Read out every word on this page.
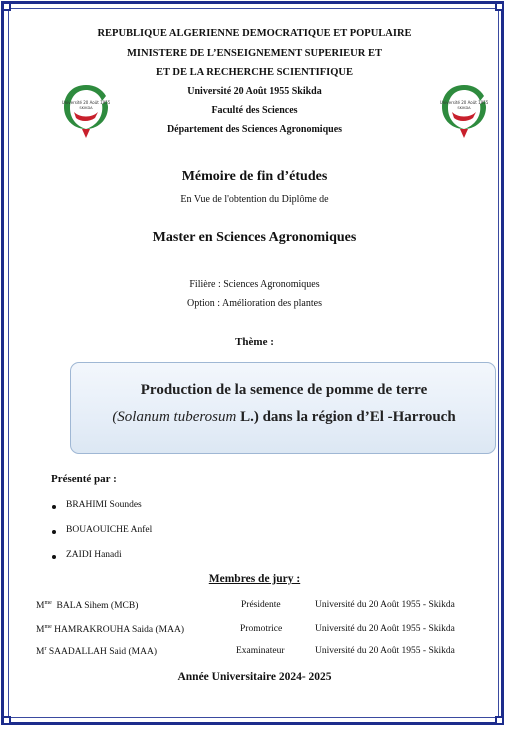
Université 20 Août 1955
SKIKDA
Université 20 Août 1955
SKIKDA
REPUBLIQUE ALGERIENNE DEMOCRATIQUE ET POPULAIRE
MINISTERE DE L’ENSEIGNEMENT SUPERIEUR ET
ET DE LA RECHERCHE SCIENTIFIQUE
Université 20 Août 1955 Skikda
Faculté des Sciences
Département des Sciences Agronomiques
Mémoire de fin d’études
En Vue de l'obtention du Diplôme de
Master en Sciences Agronomiques
Filière : Sciences Agronomiques
Option : Amélioration des plantes
Thème :
Production de la semence de pomme de terre
(Solanum tuberosum L.) dans la région d’El -Harrouch
Présenté par :
BRAHIMI Soundes
BOUAOUICHE Anfel
ZAIDI Hanadi
Membres de jury :
$M^{me}$  BALA Sihem (MCB)	Présidente	Université du 20 Août 1955 - Skikda
$M^{me}$ HAMRAKROUHA Saida (MAA)	Promotrice	Université du 20 Août 1955 - Skikda
$M^r$ SAADALLAH Said (MAA)	Examinateur	Université du 20 Août 1955 - Skikda
Année Universitaire 2024- 2025
